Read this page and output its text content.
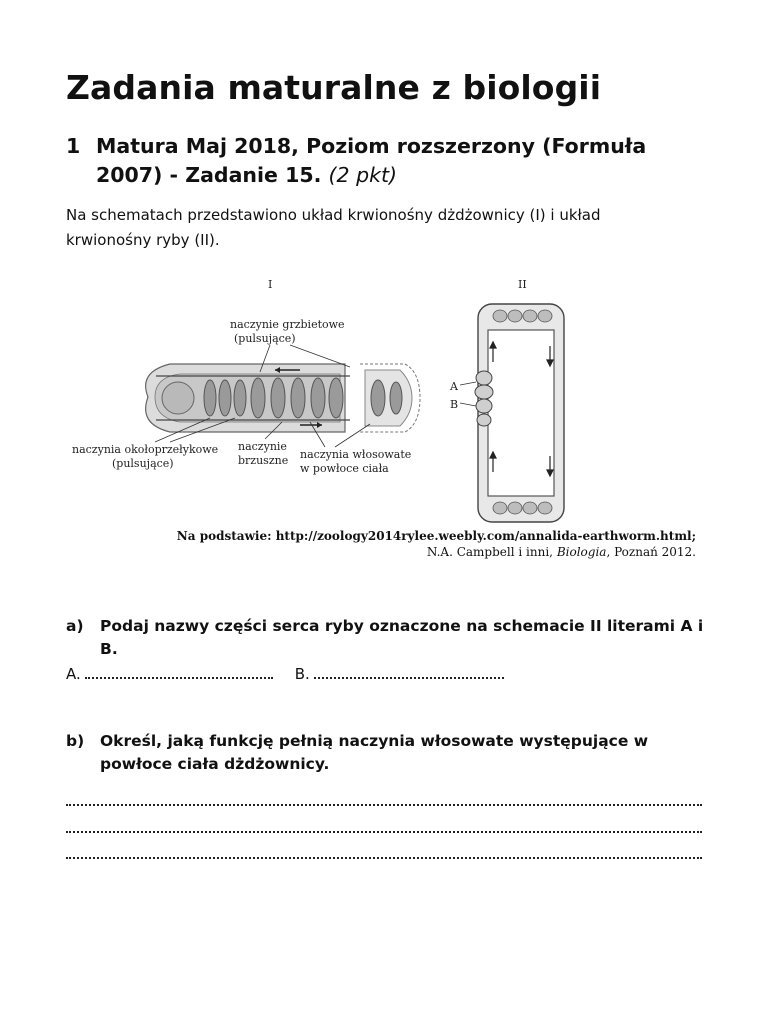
Zadania maturalne z biologii
1 Matura Maj 2018, Poziom rozszerzony (Formuła 2007) - Zadanie 15. (2 pkt)

Na schematach przedstawiono układ krwionośny dżdżownicy (I) i układ krwionośny ryby (II).

I	II
naczynie grzbietowe
(pulsujące)
naczynia okołoprzełykowe
(pulsujące)
naczynie
brzuszne naczynia włosowate
w powłoce ciała
A
B
Na podstawie: http://zoology2014rylee.weebly.com/annalida-earthworm.html;
N.A. Campbell i inni, Biologia, Poznań 2012.
a)	Podaj nazwy części serca ryby oznaczone na schemacie II literami A i B.
A.	B.
b)	Określ, jaką funkcję pełnią naczynia włosowate występujące w powłoce ciała dżdżownicy.
